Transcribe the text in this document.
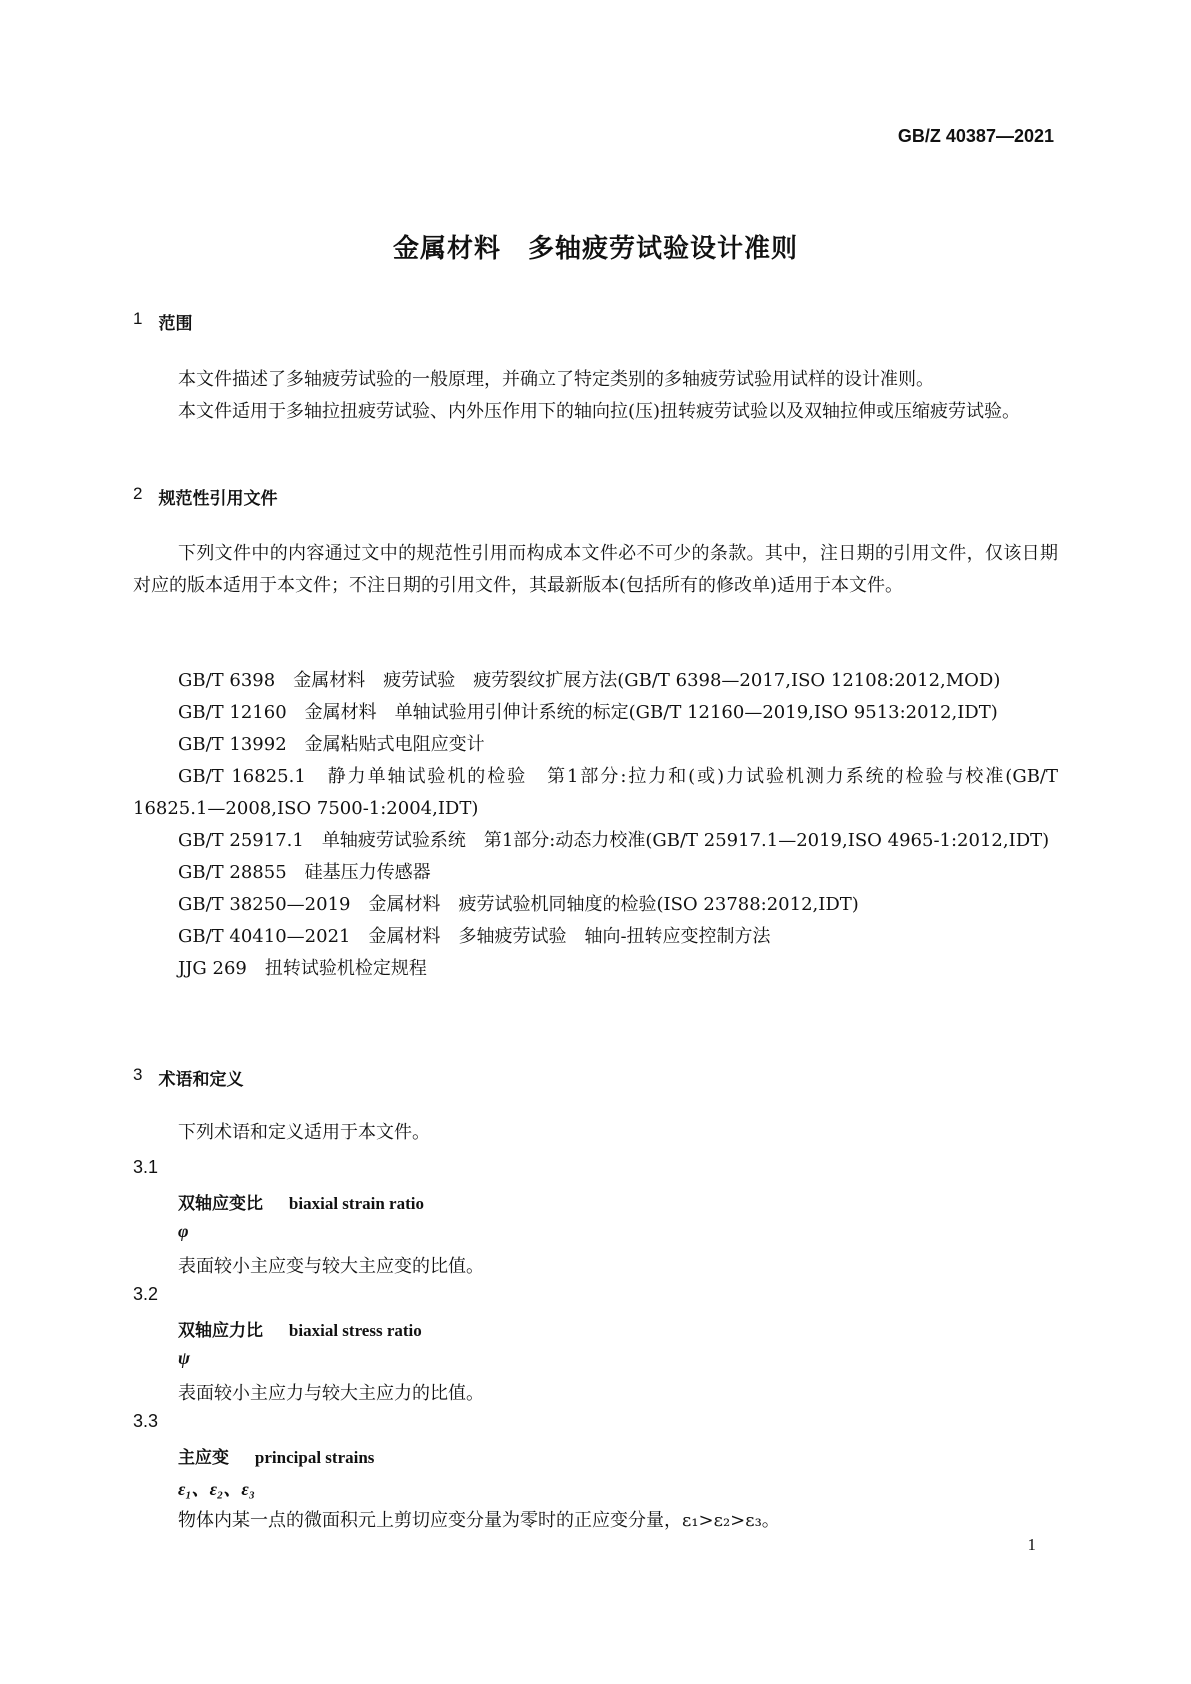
GB/Z 40387—2021
金属材料　多轴疲劳试验设计准则
1 范围
本文件描述了多轴疲劳试验的一般原理，并确立了特定类别的多轴疲劳试验用试样的设计准则。
本文件适用于多轴拉扭疲劳试验、内外压作用下的轴向拉(压)扭转疲劳试验以及双轴拉伸或压缩疲劳试验。
2 规范性引用文件
下列文件中的内容通过文中的规范性引用而构成本文件必不可少的条款。其中，注日期的引用文件，仅该日期对应的版本适用于本文件；不注日期的引用文件，其最新版本(包括所有的修改单)适用于本文件。
GB/T 6398　金属材料　疲劳试验　疲劳裂纹扩展方法(GB/T 6398—2017,ISO 12108:2012,MOD)
GB/T 12160　金属材料　单轴试验用引伸计系统的标定(GB/T 12160—2019,ISO 9513:2012,IDT)
GB/T 13992　金属粘贴式电阻应变计
GB/T 16825.1　静力单轴试验机的检验　第1部分:拉力和(或)力试验机测力系统的检验与校准(GB/T 16825.1—2008,ISO 7500-1:2004,IDT)
GB/T 25917.1　单轴疲劳试验系统　第1部分:动态力校准(GB/T 25917.1—2019,ISO 4965-1:2012,IDT)
GB/T 28855　硅基压力传感器
GB/T 38250—2019　金属材料　疲劳试验机同轴度的检验(ISO 23788:2012,IDT)
GB/T 40410—2021　金属材料　多轴疲劳试验　轴向-扭转应变控制方法
JJG 269　扭转试验机检定规程
3 术语和定义
下列术语和定义适用于本文件。
3.1
双轴应变比 biaxial strain ratio
φ
表面较小主应变与较大主应变的比值。
3.2
双轴应力比 biaxial stress ratio
ψ
表面较小主应力与较大主应力的比值。
3.3
主应变 principal strains
ε₁、ε₂、ε₃
物体内某一点的微面积元上剪切应变分量为零时的正应变分量，ε₁>ε₂>ε₃。
1
